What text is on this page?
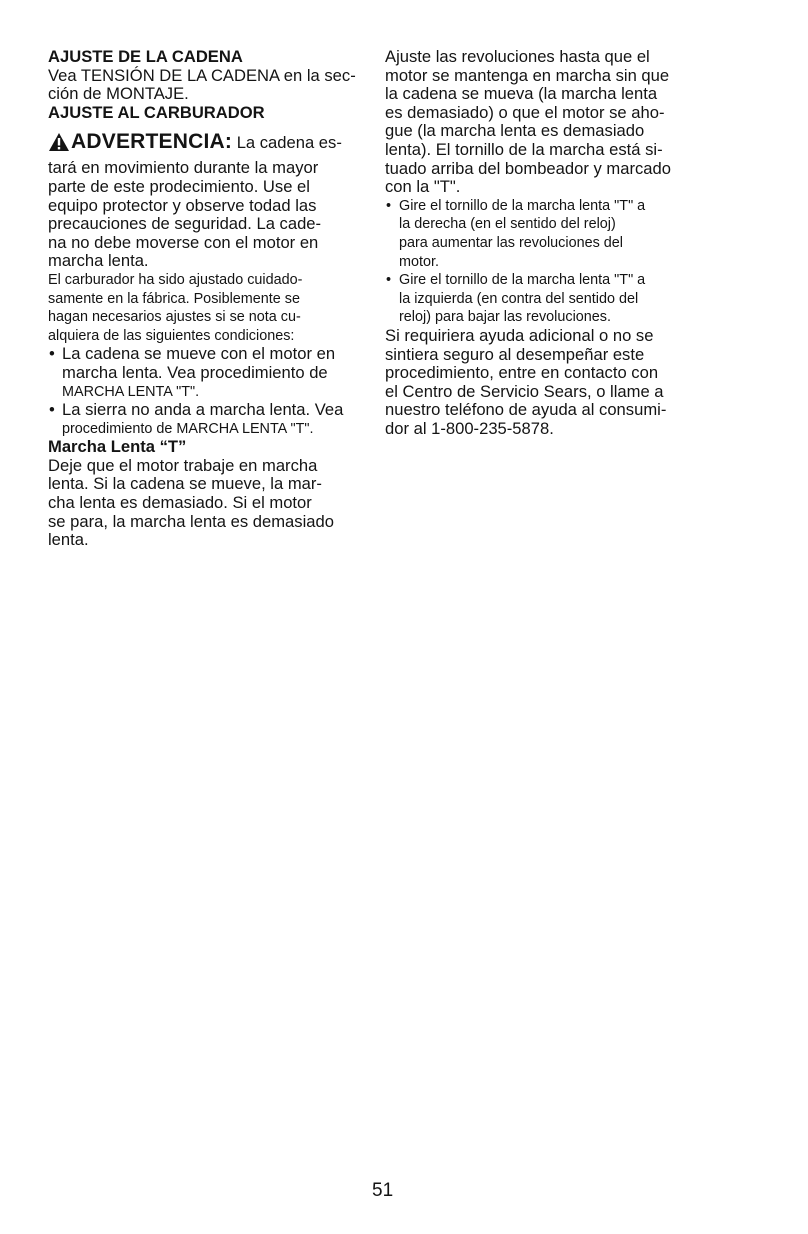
AJUSTE DE LA CADENA
Vea TENSIÓN DE LA CADENA en la sec-
ción de MONTAJE.
AJUSTE AL CARBURADOR
ADVERTENCIA: La cadena es-
tará en movimiento durante la mayor
parte de este prodecimiento. Use el
equipo protector y observe todad las
precauciones de seguridad. La cade-
na no debe moverse con el motor en
marcha lenta.
El carburador ha sido ajustado cuidado-
samente en la fábrica. Posiblemente se
hagan necesarios ajustes si se nota cu-
alquiera de las siguientes condiciones:
• La cadena se mueve con el motor en
marcha lenta. Vea procedimiento de
MARCHA LENTA "T".
• La sierra no anda a marcha lenta. Vea
procedimiento de MARCHA LENTA "T".
Marcha Lenta “T”
Deje que el motor trabaje en marcha
lenta. Si la cadena se mueve, la mar-
cha lenta es demasiado. Si el motor
se para, la marcha lenta es demasiado
lenta.
Ajuste las revoluciones hasta que el
motor se mantenga en marcha sin que
la cadena se mueva (la marcha lenta
es demasiado) o que el motor se aho-
gue (la marcha lenta es demasiado
lenta). El tornillo de la marcha está si-
tuado arriba del bombeador y marcado
con la "T".
• Gire el tornillo de la marcha lenta "T" a
la derecha (en el sentido del reloj)
para aumentar las revoluciones del
motor.
• Gire el tornillo de la marcha lenta "T" a
la izquierda (en contra del sentido del
reloj) para bajar las revoluciones.
Si requiriera ayuda adicional o no se
sintiera seguro al desempeñar este
procedimiento, entre en contacto con
el Centro de Servicio Sears, o llame a
nuestro teléfono de ayuda al consumi-
dor al 1-800-235-5878.
51
